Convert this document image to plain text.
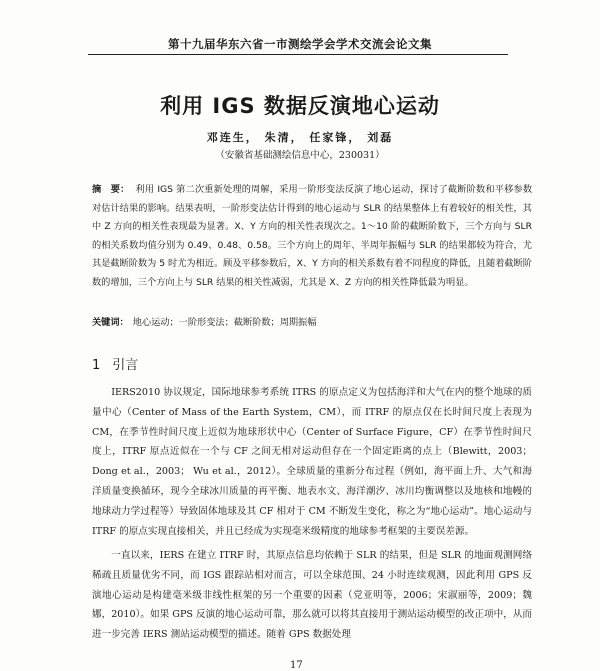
第十九届华东六省一市测绘学会学术交流会论文集
利用 IGS 数据反演地心运动
邓连生， 朱清， 任家锋， 刘磊
（安徽省基础测绘信息中心，230031）
摘　要： 利用 IGS 第二次重新处理的周解，采用一阶形变法反演了地心运动，探讨了截断阶数和平移参数对估计结果的影响。结果表明，一阶形变法估计得到的地心运动与 SLR 的结果整体上有着较好的相关性，其中 Z 方向的相关性表现最为显著。X、Y 方向的相关性表现次之。1～10 阶的截断阶数下，三个方向与 SLR 的相关系数均值分别为 0.49、0.48、0.58。三个方向上的周年、半周年振幅与 SLR 的结果都较为符合，尤其是截断阶数为 5 时尤为相近。顾及平移参数后，X、Y 方向的相关系数有着不同程度的降低，且随着截断阶数的增加，三个方向上与 SLR 结果的相关性减弱，尤其是 X、Z 方向的相关性降低最为明显。
关键词： 地心运动；一阶形变法；截断阶数；周期振幅
1 引言

IERS2010 协议规定，国际地球参考系统 ITRS 的原点定义为包括海洋和大气在内的整个地球的质量中心（Center of Mass of the Earth System，CM），而 ITRF 的原点仅在长时间尺度上表现为 CM，在季节性时间尺度上近似为地球形状中心（Center of Surface Figure，CF）在季节性时间尺度上，ITRF 原点近似在一个与 CF 之间无相对运动但存在一个固定距离的点上（Blewitt，2003； Dong et al.，2003； Wu et al.，2012）。全球质量的重新分布过程（例如，海平面上升、大气和海洋质量变换循环，现今全球冰川质量的再平衡、地表水文、海洋潮汐、冰川均衡调整以及地核和地幔的地球动力学过程等）导致固体地球及其 CF 相对于 CM 不断发生变化，称之为“地心运动”。地心运动与 ITRF 的原点实现直接相关，并且已经成为实现毫米级精度的地球参考框架的主要误差源。

一直以来，IERS 在建立 ITRF 时，其原点信息均依赖于 SLR 的结果，但是 SLR 的地面观测网络稀疏且质量优劣不同，而 IGS 跟踪站相对而言，可以全球范围、24 小时连续观测，因此利用 GPS 反演地心运动是构建毫米级非线性框架的另一个重要的因素（党亚明等，2006；宋淑丽等，2009；魏娜，2010）。如果 GPS 反演的地心运动可靠，那么就可以将其直接用于测站运动模型的改正项中，从而进一步完善 IERS 测站运动模型的描述。随着 GPS 数据处理

17
